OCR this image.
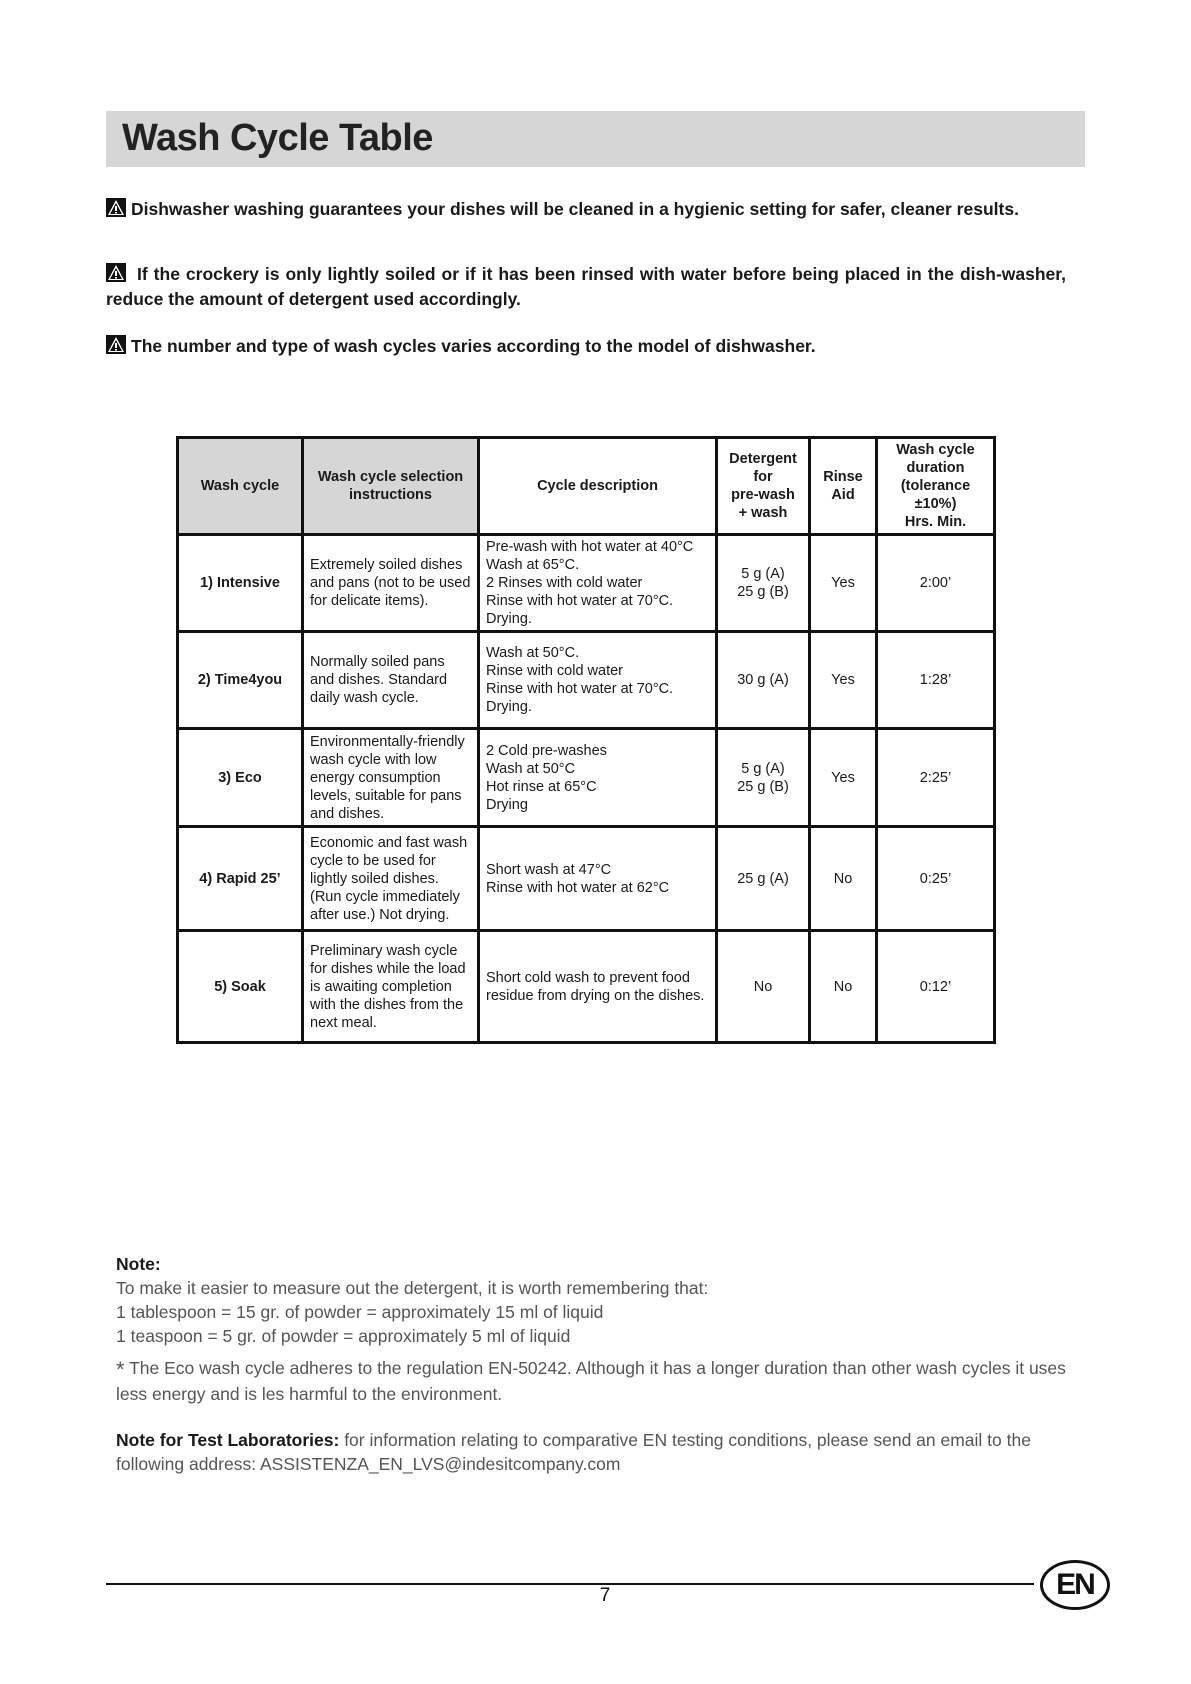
Wash Cycle Table
Dishwasher washing guarantees your dishes will be cleaned in a hygienic setting for safer, cleaner results.
If the crockery is only lightly soiled or if it has been rinsed with water before being placed in the dish-washer, reduce the amount of detergent used accordingly.
The number and type of wash cycles varies according to the model of dishwasher.
Wash cycle	Wash cycle selection instructions	Cycle description	Detergent
for
pre-wash
+ wash	Rinse
Aid	Wash cycle
duration
(tolerance
±10%)
Hrs. Min.
1) Intensive	Extremely soiled dishes and pans (not to be used for delicate items).	Pre-wash with hot water at 40°C
Wash at 65°C.
2 Rinses with cold water
Rinse with hot water at 70°C.
Drying.	5 g (A)
25 g (B)	Yes	2:00’
2) Time4you	Normally soiled pans and dishes. Standard daily wash cycle.	Wash at 50°C.
Rinse with cold water
Rinse with hot water at 70°C.
Drying.	30 g (A)	Yes	1:28’
3) Eco	Environmentally-friendly wash cycle with low energy consumption levels, suitable for pans and dishes.	2 Cold pre-washes
Wash at 50°C
Hot rinse at 65°C
Drying	5 g (A)
25 g (B)	Yes	2:25’
4) Rapid 25’	Economic and fast wash cycle to be used for lightly soiled dishes. (Run cycle immediately after use.) Not drying.	Short wash at 47°C
Rinse with hot water at 62°C	25 g (A)	No	0:25’
5) Soak	Preliminary wash cycle for dishes while the load is awaiting completion with the dishes from the next meal.	Short cold wash to prevent food residue from drying on the dishes.	No	No	0:12’
Note:
To make it easier to measure out the detergent, it is worth remembering that:
1 tablespoon = 15 gr. of powder = approximately 15 ml of liquid
1 teaspoon = 5 gr. of powder = approximately 5 ml of liquid
* The Eco wash cycle adheres to the regulation EN-50242. Although it has a longer duration than other wash cycles it uses less energy and is les harmful to the environment.
Note for Test Laboratories: for information relating to comparative EN testing conditions, please send an email to the following address: ASSISTENZA_EN_LVS@indesitcompany.com
7	EN
